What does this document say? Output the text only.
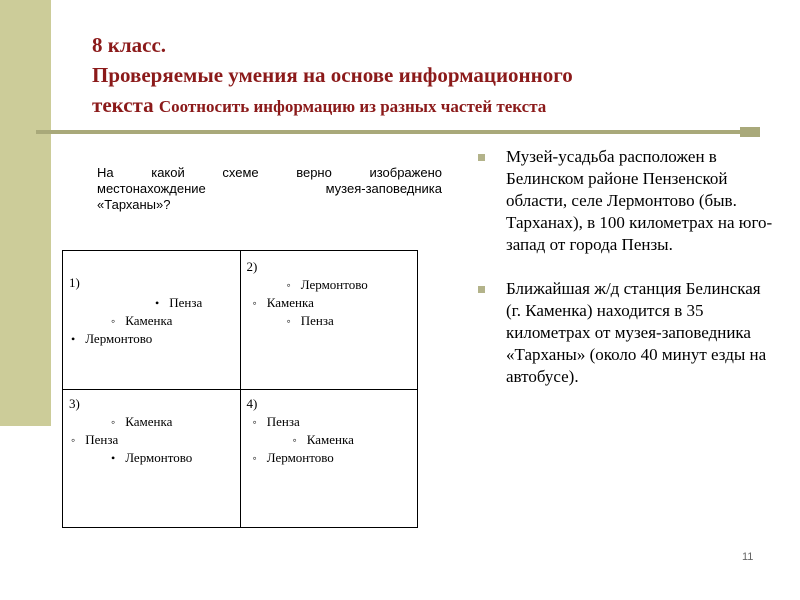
8 класс.
Проверяемые умения на основе информационного
текста Соотносить информацию из разных частей текста
На какой схеме верно изображено
местонахождение музея-заповедника
«Тарханы»?
1)
• Пенза
◦ Каменка
• Лермонтово	2)
◦ Лермонтово
◦ Каменка
◦ Пенза

3)
◦ Каменка
◦ Пенза
• Лермонтово	4)
◦ Пенза
◦ Каменка
◦ Лермонтово
Музей-усадьба расположен в Белинском районе Пензенской области, селе Лермонтово (быв. Тарханах), в 100 километрах на юго-запад от города Пензы.
Ближайшая ж/д станция Белинская (г. Каменка) находится в 35 километрах от музея-заповедника «Тарханы» (около 40 минут езды на автобусе).
11
